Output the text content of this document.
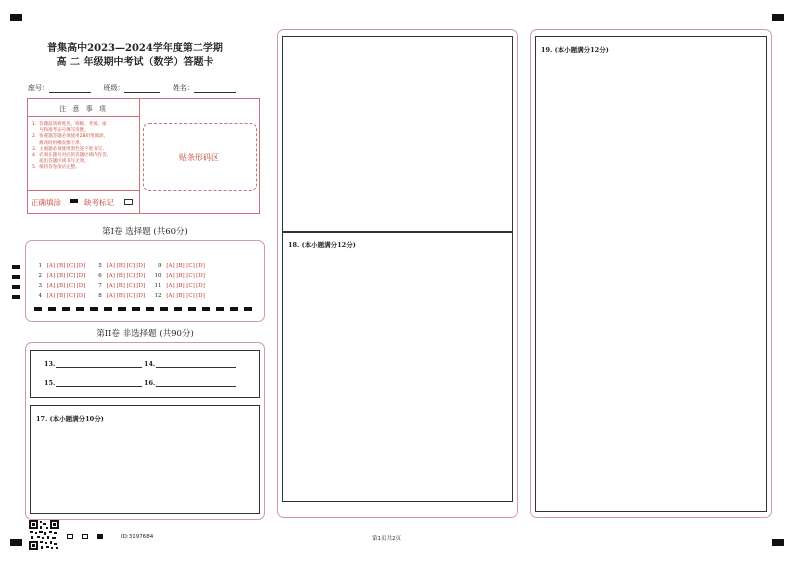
普集高中2023—2024学年度第二学期
高 二 年级期中考试（数学）答题卡
座号：	班级：	姓名：
注 意 事 项
1.  答题前请将姓名、班级、考场、座
号和准考证号填写清楚。
2.  客观题答题必须使用2B铅笔填涂，
修改时用橡皮擦干净。
3.  主观题必须使用黑色签字笔书写。
4.  必须在题号对应的答题区域内作答，
超出答题区域书写无效。
5.  保持答卷清洁完整。
正确填涂	缺考标记
贴条形码区
第I卷 选择题 (共60分)
1 [A] [B] [C][D] 5 [A] [B] [C][D] 9 [A] [B] [C][D]
2 [A] [B] [C][D] 6 [A] [B] [C][D] 10 [A] [B] [C][D]
3 [A] [B] [C][D] 7 [A] [B] [C][D] 11 [A] [B] [C][D]
4 [A] [B] [C][D] 8 [A] [B] [C][D] 12 [A] [B] [C][D]
第II卷 非选择题 (共90分)
13.	14.
15.	16.
17. (本小题满分10分)
18. (本小题满分12分)
19. (本小题满分12分)
ID:3197684	第1页共2页
